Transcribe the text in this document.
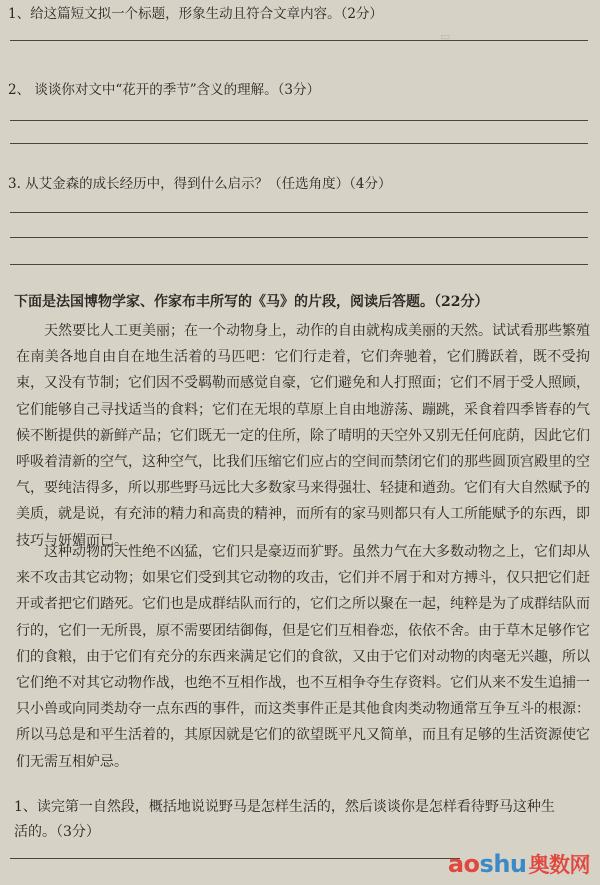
▭
1、给这篇短文拟一个标题，形象生动且符合文章内容。（2分）
2、 谈谈你对文中“花开的季节”含义的理解。（3分）
3. 从艾金森的成长经历中，得到什么启示？（任选角度）（4分）
下面是法国博物学家、作家布丰所写的《马》的片段，阅读后答题。（22分）
天然要比人工更美丽；在一个动物身上，动作的自由就构成美丽的天然。试试看那些繁殖在南美各地自由自在地生活着的马匹吧：它们行走着，它们奔驰着，它们腾跃着，既不受拘束，又没有节制；它们因不受羁勒而感觉自豪，它们避免和人打照面；它们不屑于受人照顾，它们能够自己寻找适当的食料；它们在无垠的草原上自由地游荡、蹦跳，采食着四季皆春的气候不断提供的新鲜产品；它们既无一定的住所，除了晴明的天空外又别无任何庇荫，因此它们呼吸着清新的空气，这种空气，比我们压缩它们应占的空间而禁闭它们的那些圆顶宫殿里的空气，要纯洁得多，所以那些野马远比大多数家马来得强壮、轻捷和遒劲。它们有大自然赋予的美质，就是说，有充沛的精力和高贵的精神，而所有的家马则都只有人工所能赋予的东西，即技巧与妍媚而已。
这种动物的天性绝不凶猛，它们只是豪迈而犷野。虽然力气在大多数动物之上，它们却从来不攻击其它动物；如果它们受到其它动物的攻击，它们并不屑于和对方搏斗，仅只把它们赶开或者把它们踏死。它们也是成群结队而行的，它们之所以聚在一起，纯粹是为了成群结队而行的，它们一无所畏，原不需要团结御侮，但是它们互相眷恋，依依不舍。由于草木足够作它们的食粮，由于它们有充分的东西来满足它们的食欲，又由于它们对动物的肉毫无兴趣，所以它们绝不对其它动物作战，也绝不互相作战，也不互相争夺生存资料。它们从来不发生追捕一只小兽或向同类劫夺一点东西的事件，而这类事件正是其他食肉类动物通常互争互斗的根源：所以马总是和平生活着的，其原因就是它们的欲望既平凡又简单，而且有足够的生活资源使它们无需互相妒忌。
1、读完第一自然段，概括地说说野马是怎样生活的，然后谈谈你是怎样看待野马这种生
活的。（3分）
aoshu奥数网
